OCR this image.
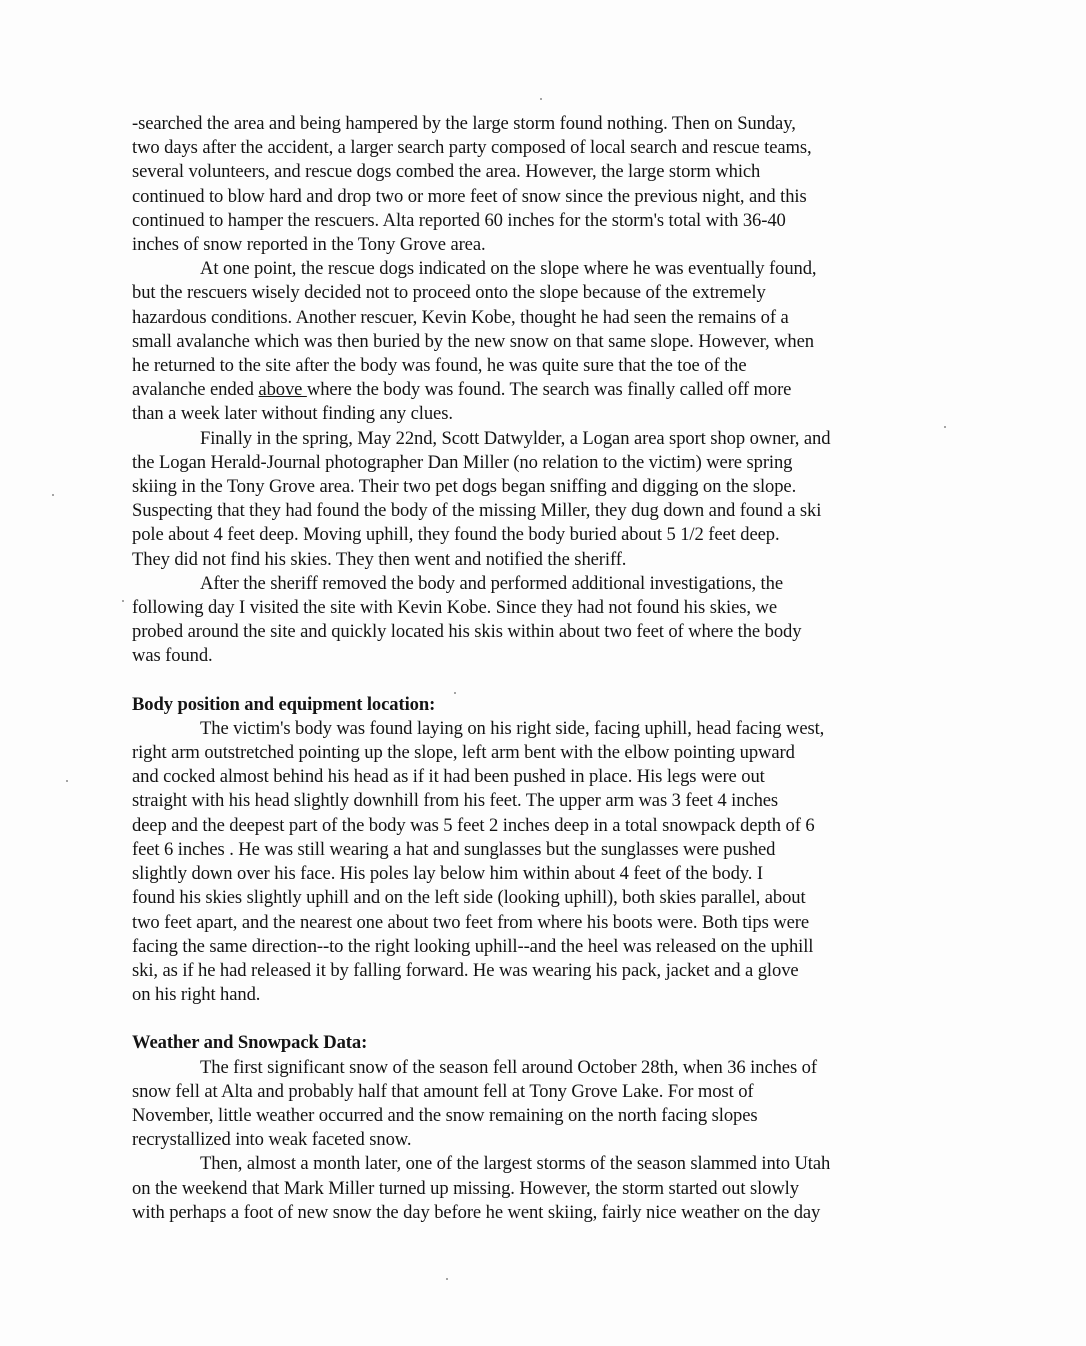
-searched the area and being hampered by the large storm found nothing. Then on Sunday,
two days after the accident, a larger search party composed of local search and rescue teams,
several volunteers, and rescue dogs combed the area. However, the large storm which
continued to blow hard and drop two or more feet of snow since the previous night, and this
continued to hamper the rescuers. Alta reported 60 inches for the storm's total with 36-40
inches of snow reported in the Tony Grove area.
At one point, the rescue dogs indicated on the slope where he was eventually found,
but the rescuers wisely decided not to proceed onto the slope because of the extremely
hazardous conditions. Another rescuer, Kevin Kobe, thought he had seen the remains of a
small avalanche which was then buried by the new snow on that same slope. However, when
he returned to the site after the body was found, he was quite sure that the toe of the
avalanche ended above where the body was found. The search was finally called off more
than a week later without finding any clues.
Finally in the spring, May 22nd, Scott Datwylder, a Logan area sport shop owner, and
the Logan Herald-Journal photographer Dan Miller (no relation to the victim) were spring
skiing in the Tony Grove area. Their two pet dogs began sniffing and digging on the slope.
Suspecting that they had found the body of the missing Miller, they dug down and found a ski
pole about 4 feet deep. Moving uphill, they found the body buried about 5 1/2 feet deep.
They did not find his skies. They then went and notified the sheriff.
After the sheriff removed the body and performed additional investigations, the
following day I visited the site with Kevin Kobe. Since they had not found his skies, we
probed around the site and quickly located his skis within about two feet of where the body
was found.
Body position and equipment location:
The victim's body was found laying on his right side, facing uphill, head facing west,
right arm outstretched pointing up the slope, left arm bent with the elbow pointing upward
and cocked almost behind his head as if it had been pushed in place. His legs were out
straight with his head slightly downhill from his feet. The upper arm was 3 feet 4 inches
deep and the deepest part of the body was 5 feet 2 inches deep in a total snowpack depth of 6
feet 6 inches . He was still wearing a hat and sunglasses but the sunglasses were pushed
slightly down over his face. His poles lay below him within about 4 feet of the body. I
found his skies slightly uphill and on the left side (looking uphill), both skies parallel, about
two feet apart, and the nearest one about two feet from where his boots were. Both tips were
facing the same direction--to the right looking uphill--and the heel was released on the uphill
ski, as if he had released it by falling forward. He was wearing his pack, jacket and a glove
on his right hand.
Weather and Snowpack Data:
The first significant snow of the season fell around October 28th, when 36 inches of
snow fell at Alta and probably half that amount fell at Tony Grove Lake. For most of
November, little weather occurred and the snow remaining on the north facing slopes
recrystallized into weak faceted snow.
Then, almost a month later, one of the largest storms of the season slammed into Utah
on the weekend that Mark Miller turned up missing. However, the storm started out slowly
with perhaps a foot of new snow the day before he went skiing, fairly nice weather on the day
